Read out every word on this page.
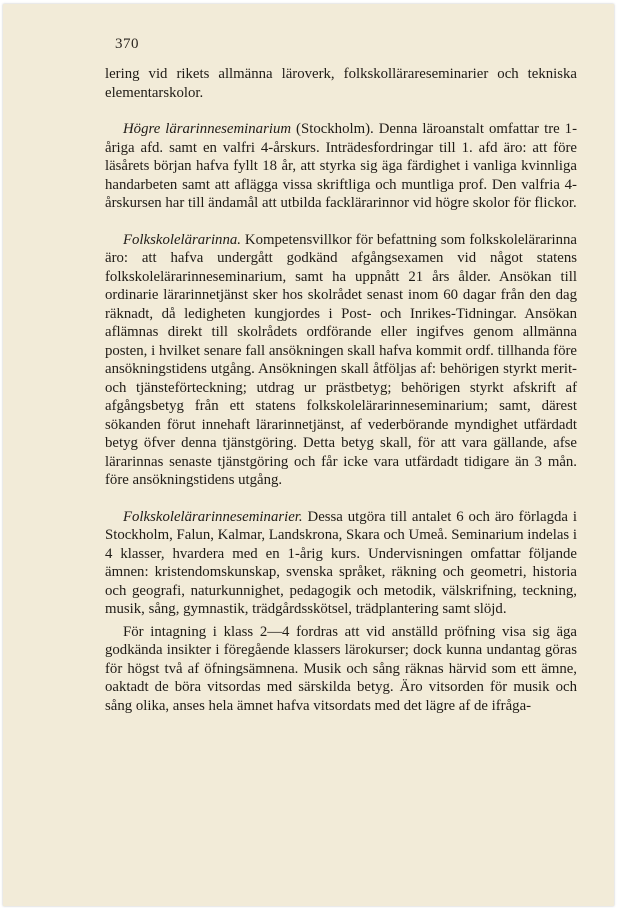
370

lering vid rikets allmänna läroverk, folkskollärareseminarier och tekniska elementarskolor.

Högre lärarinneseminarium (Stockholm). Denna läroanstalt omfattar tre 1-åriga afd. samt en valfri 4-årskurs. Inträdesfordringar till 1. afd äro: att före läsårets början hafva fyllt 18 år, att styrka sig äga färdighet i vanliga kvinnliga handarbeten samt att aflägga vissa skriftliga och muntliga prof. Den valfria 4-årskursen har till ändamål att utbilda facklärarinnor vid högre skolor för flickor.

Folkskolelärarinna. Kompetensvillkor för befattning som folkskolelärarinna äro: att hafva undergått godkänd afgångsexamen vid något statens folkskolelärarinneseminarium, samt ha uppnått 21 års ålder. Ansökan till ordinarie lärarinnetjänst sker hos skolrådet senast inom 60 dagar från den dag räknadt, då ledigheten kungjordes i Post- och Inrikes-Tidningar. Ansökan aflämnas direkt till skolrådets ordförande eller ingifves genom allmänna posten, i hvilket senare fall ansökningen skall hafva kommit ordf. tillhanda före ansökningstidens utgång. Ansökningen skall åtföljas af: behörigen styrkt merit- och tjänsteförteckning; utdrag ur prästbetyg; behörigen styrkt afskrift af afgångsbetyg från ett statens folkskolelärarinneseminarium; samt, därest sökanden förut innehaft lärarinnetjänst, af vederbörande myndighet utfärdadt betyg öfver denna tjänstgöring. Detta betyg skall, för att vara gällande, afse lärarinnas senaste tjänstgöring och får icke vara utfärdadt tidigare än 3 mån. före ansökningstidens utgång.

Folkskolelärarinneseminarier. Dessa utgöra till antalet 6 och äro förlagda i Stockholm, Falun, Kalmar, Landskrona, Skara och Umeå. Seminarium indelas i 4 klasser, hvardera med en 1-årig kurs. Undervisningen omfattar följande ämnen: kristendomskunskap, svenska språket, räkning och geometri, historia och geografi, naturkunnighet, pedagogik och metodik, välskrifning, teckning, musik, sång, gymnastik, trädgårdsskötsel, trädplantering samt slöjd.

För intagning i klass 2—4 fordras att vid anställd pröfning visa sig äga godkända insikter i föregående klassers lärokurser; dock kunna undantag göras för högst två af öfningsämnena. Musik och sång räknas härvid som ett ämne, oaktadt de böra vitsordas med särskilda betyg. Äro vitsorden för musik och sång olika, anses hela ämnet hafva vitsordats med det lägre af de ifråga-
